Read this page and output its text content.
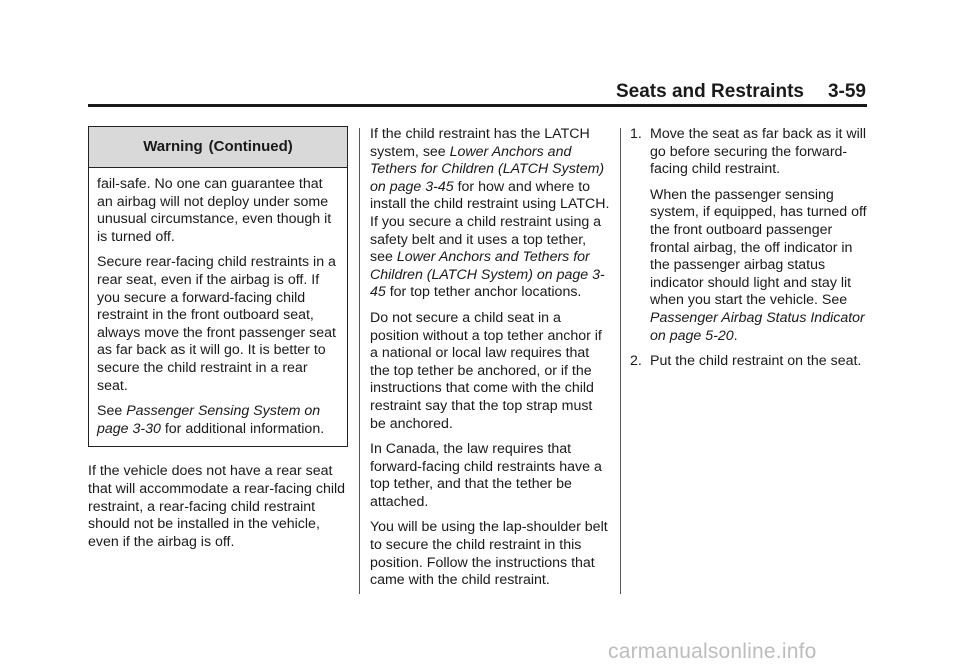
Seats and Restraints 3-59
Warning (Continued)

fail-safe. No one can guarantee that an airbag will not deploy under some unusual circumstance, even though it is turned off.

Secure rear-facing child restraints in a rear seat, even if the airbag is off. If you secure a forward-facing child restraint in the front outboard seat, always move the front passenger seat as far back as it will go. It is better to secure the child restraint in a rear seat.

See Passenger Sensing System on page 3-30 for additional information.

If the vehicle does not have a rear seat that will accommodate a rear-facing child restraint, a rear-facing child restraint should not be installed in the vehicle, even if the airbag is off.

If the child restraint has the LATCH system, see Lower Anchors and Tethers for Children (LATCH System) on page 3-45 for how and where to install the child restraint using LATCH. If you secure a child restraint using a safety belt and it uses a top tether, see Lower Anchors and Tethers for Children (LATCH System) on page 3-45 for top tether anchor locations.

Do not secure a child seat in a position without a top tether anchor if a national or local law requires that the top tether be anchored, or if the instructions that come with the child restraint say that the top strap must be anchored.

In Canada, the law requires that forward-facing child restraints have a top tether, and that the tether be attached.

You will be using the lap-shoulder belt to secure the child restraint in this position. Follow the instructions that came with the child restraint.

1. Move the seat as far back as it will go before securing the forward-facing child restraint.

When the passenger sensing system, if equipped, has turned off the front outboard passenger frontal airbag, the off indicator in the passenger airbag status indicator should light and stay lit when you start the vehicle. See Passenger Airbag Status Indicator on page 5-20.

2. Put the child restraint on the seat.

carmanualsonline.info
